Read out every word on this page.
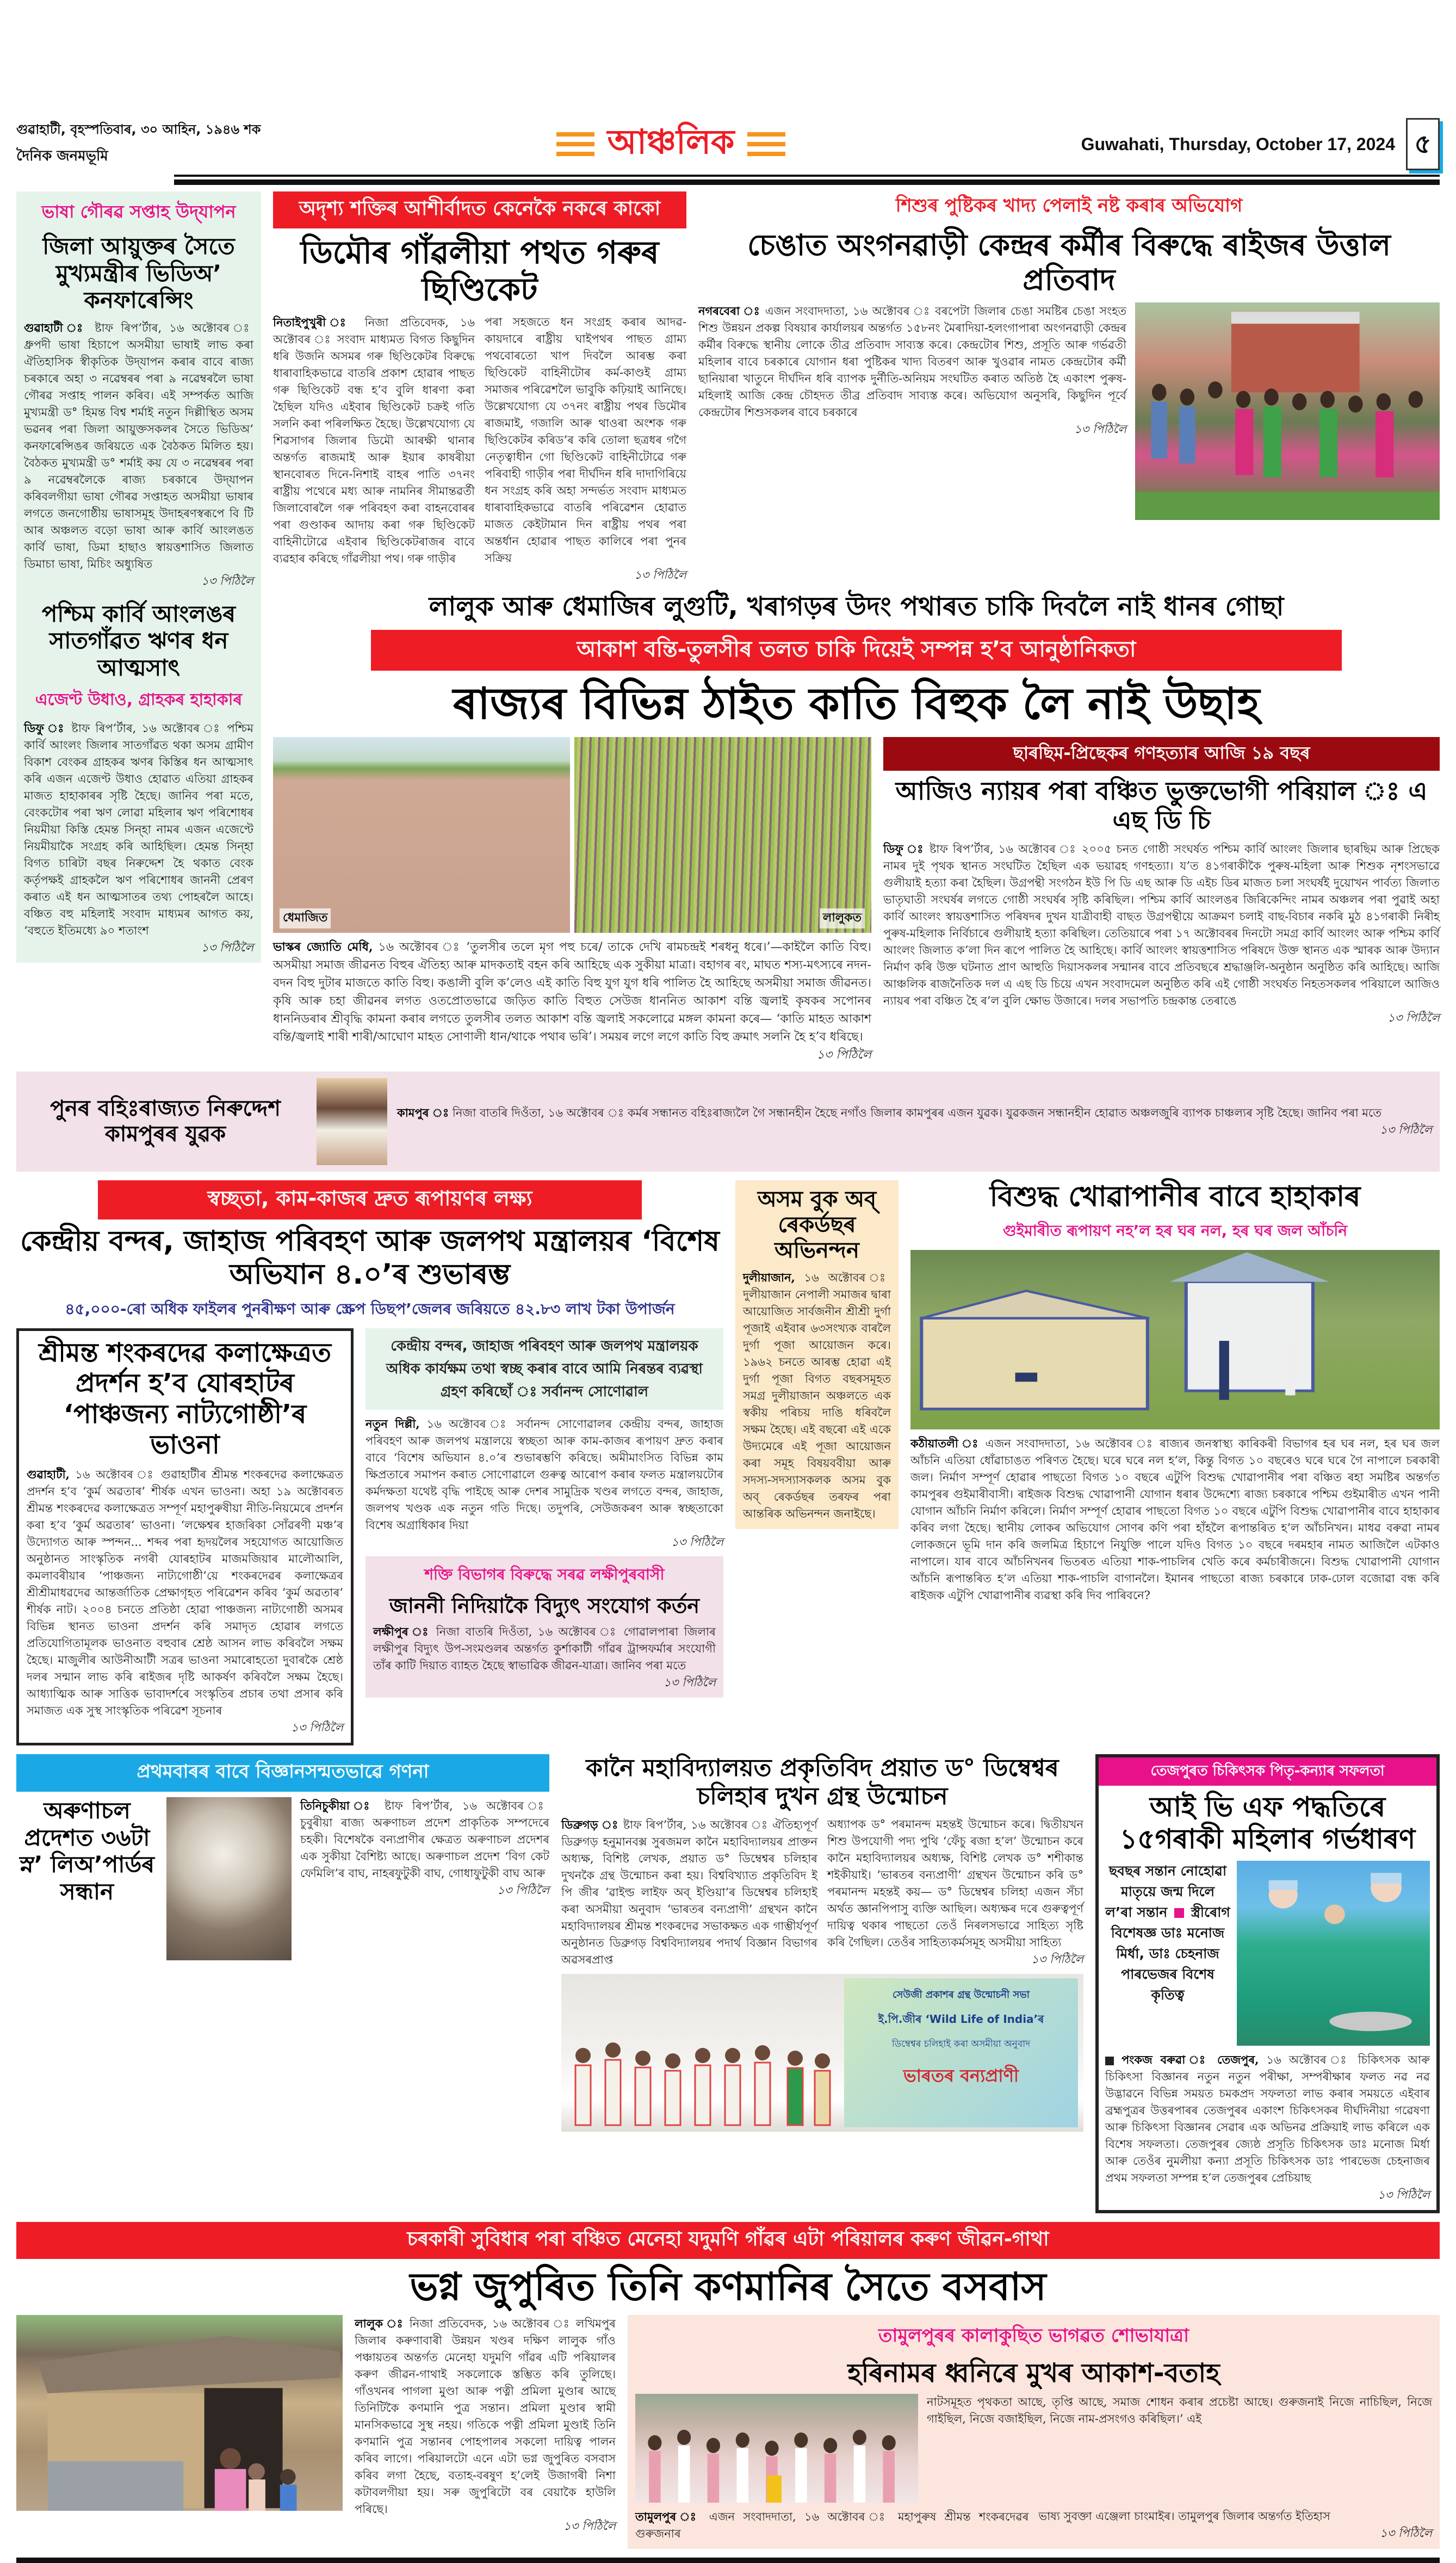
গুৱাহাটী, বৃহস্পতিবাৰ, ৩০ আহিন, ১৯৪৬ শক
দৈনিক জনমভূমি	আঞ্চলিক	Guwahati, Thursday, October 17, 2024 ৫
ভাষা গৌৰৱ সপ্তাহ উদ্‌যাপন
জিলা আয়ুক্তৰ সৈতে মুখ্যমন্ত্ৰীৰ ভিডিঅ’ কনফাৰেন্সিং
গুৱাহাটী ঃ ষ্টাফ ৰিপ’ৰ্টাৰ, ১৬ অক্টোবৰ ঃ ধ্ৰুপদী ভাষা হিচাপে অসমীয়া ভাষাই লাভ কৰা ঐতিহাসিক স্বীকৃতিক উদ্‌যাপন কৰাৰ বাবে ৰাজ্য চৰকাৰে অহা ৩ নৱেম্বৰৰ পৰা ৯ নৱেম্বৰলৈ ভাষা গৌৰৱ সপ্তাহ পালন কৰিব। এই সম্পৰ্কত আজি মুখ্যমন্ত্ৰী ড° হিমন্ত বিশ্ব শৰ্মাই নতুন দিল্লীস্থিত অসম ভৱনৰ পৰা জিলা আয়ুক্তসকলৰ সৈতে ভিডিঅ’ কনফাৰেন্সিঙৰ জৰিয়তে এক বৈঠকত মিলিত হয়। বৈঠকত মুখ্যমন্ত্ৰী ড° শৰ্মাই কয় যে ৩ নৱেম্বৰৰ পৰা ৯ নৱেম্বৰলৈকে ৰাজ্য চৰকাৰে উদ্‌যাপন কৰিবলগীয়া ভাষা গৌৰৱ সপ্তাহত অসমীয়া ভাষাৰ লগতে জনগোষ্ঠীয় ভাষাসমূহ উদাহৰণস্বৰূপে বি টি আৰ অঞ্চলত বড়ো ভাষা আৰু কাৰ্বি আংলঙত কাৰ্বি ভাষা, ডিমা হাছাও স্বায়ত্তশাসিত জিলাত ডিমাচা ভাষা, মিচিং অধ্যুষিত
১৩ পিঠিলৈ
পশ্চিম কাৰ্বি আংলঙৰ সাতগাঁৱত ঋণৰ ধন আত্মসাৎ
এজেণ্ট উধাও, গ্ৰাহকৰ হাহাকাৰ
ডিফু ঃ ষ্টাফ ৰিপ’ৰ্টাৰ, ১৬ অক্টোবৰ ঃ পশ্চিম কাৰ্বি আংলং জিলাৰ সাতগাঁৱত থকা অসম গ্ৰামীণ বিকাশ বেংকৰ গ্ৰাহকৰ ঋণৰ কিস্তিৰ ধন আত্মসাৎ কৰি এজন এজেণ্ট উধাও হোৱাত এতিয়া গ্ৰাহকৰ মাজত হাহাকাৰৰ সৃষ্টি হৈছে। জানিব পৰা মতে, বেংকটোৰ পৰা ঋণ লোৱা মহিলাৰ ঋণ পৰিশোধৰ নিয়মীয়া কিস্তি হেমন্ত সিন্‌হা নামৰ এজন এজেণ্টে নিয়মীয়াকৈ সংগ্ৰহ কৰি আহিছিল। হেমন্ত সিন্‌হা বিগত চাৰিটা বছৰ নিৰুদ্দেশ হৈ থকাত বেংক কৰ্তৃপক্ষই গ্ৰাহকলৈ ঋণ পৰিশোধৰ জাননী প্ৰেৰণ কৰাত এই ধন আত্মসাতৰ তথ্য পোহৰলৈ আহে। বঞ্চিত বহু মহিলাই সংবাদ মাধ্যমৰ আগত কয়, ‘বহুতে ইতিমধ্যে ৯০ শতাংশ
১৩ পিঠিলৈ
অদৃশ্য শক্তিৰ আশীৰ্বাদত কেনেকৈ নকৰে কাকো
ডিমৌৰ গাঁৱলীয়া পথত গৰুৰ ছিণ্ডিকেট
নিতাইপুখুৰী ঃ নিজা প্ৰতিবেদক, ১৬ অক্টোবৰ ঃ সংবাদ মাধ্যমত বিগত কিছুদিন ধৰি উজনি অসমৰ গৰু ছিণ্ডিকেটৰ বিৰুদ্ধে ধাৰাবাহিকভাৱে বাতৰি প্ৰকাশ হোৱাৰ পাছত গৰু ছিণ্ডিকেট বন্ধ হ’ব বুলি ধাৰণা কৰা হৈছিল যদিও এইবাৰ ছিণ্ডিকেট চক্ৰই গতি সলনি কৰা পৰিলক্ষিত হৈছে। উল্লেখযোগ্য যে শিৱসাগৰ জিলাৰ ডিমৌ আৰক্ষী থানাৰ অন্তৰ্গত ৰাজমাই আৰু ইয়াৰ কাষৰীয়া স্থানবোৰত দিনে-নিশাই বাহৰ পাতি ৩৭নং ৰাষ্ট্ৰীয় পথেৰে মধ্য আৰু নামনিৰ সীমান্তৱৰ্তী জিলাবোৰলৈ গৰু পৰিবহণ কৰা বাহনবোৰৰ পৰা গুণ্ডাকৰ আদায় কৰা গৰু ছিণ্ডিকেট বাহিনীটোৱে এইবাৰ ছিণ্ডিকেটৰাজৰ বাবে ব্যৱহাৰ কৰিছে গাঁৱলীয়া পথ। গৰু গাড়ীৰ
পৰা সহজতে ধন সংগ্ৰহ কৰাৰ আদৱ-কায়দাৰে ৰাষ্ট্ৰীয় ঘাইপথৰ পাছত গ্ৰাম্য পথবোৰতো খাপ দিবলৈ আৰম্ভ কৰা ছিণ্ডিকেট বাহিনীটোৰ কৰ্ম-কাণ্ডই গ্ৰাম্য সমাজৰ পৰিৱেশলৈ ভাবুকি কঢ়িয়াই আনিছে। উল্লেখযোগ্য যে ৩৭নং ৰাষ্ট্ৰীয় পথৰ ডিমৌৰ ৰাজমাই, গজালি আৰু থাওৰা অংশক গৰু ছিণ্ডিকেটৰ কৰিড’ৰ কৰি তোলা ছত্ৰধৰ গগৈ নেতৃত্বাধীন গো ছিণ্ডিকেট বাহিনীটোৱে গৰু পৰিবাহী গাড়ীৰ পৰা দীৰ্ঘদিন ধৰি দাদাগিৰিয়ে ধন সংগ্ৰহ কৰি অহা সন্দৰ্ভত সংবাদ মাধ্যমত ধাৰাবাহিকভাৱে বাতৰি পৰিৱেশন হোৱাত মাজত কেইটামান দিন ৰাষ্ট্ৰীয় পথৰ পৰা অন্তৰ্ধান হোৱাৰ পাছত কালিৰে পৰা পুনৰ সক্ৰিয়
১৩ পিঠিলৈ
শিশুৰ পুষ্টিকৰ খাদ্য পেলাই নষ্ট কৰাৰ অভিযোগ
চেঙাত অংগনৱাড়ী কেন্দ্ৰৰ কৰ্মীৰ বিৰুদ্ধে ৰাইজৰ উত্তাল প্ৰতিবাদ
নগৰবেৰা ঃ এজন সংবাদদাতা, ১৬ অক্টোবৰ ঃ বৰপেটা জিলাৰ চেঙা সমষ্টিৰ চেঙা সংহত শিশু উন্নয়ন প্ৰকল্প বিষয়াৰ কাৰ্যালয়ৰ অন্তৰ্গত ১৫৮নং মৈৰাদিয়া-হলংগাপাৰা অংগনৱাড়ী কেন্দ্ৰৰ কৰ্মীৰ বিৰুদ্ধে স্থানীয় লোকে তীব্ৰ প্ৰতিবাদ সাব্যস্ত কৰে। কেন্দ্ৰটোৰ শিশু, প্ৰসূতি আৰু গৰ্ভৱতী মহিলাৰ বাবে চৰকাৰে যোগান ধৰা পুষ্টিকৰ খাদ্য বিতৰণ আৰু খুওৱাৰ নামত কেন্দ্ৰটোৰ কৰ্মী ছানিয়াৰা খাতুনে দীৰ্ঘদিন ধৰি ব্যাপক দুৰ্নীতি-অনিয়ম সংঘটিত কৰাত অতিষ্ঠ হৈ একাংশ পুৰুষ-মহিলাই আজি কেন্দ্ৰ চৌহদত তীব্ৰ প্ৰতিবাদ সাব্যস্ত কৰে। অভিযোগ অনুসৰি, কিছুদিন পূৰ্বে কেন্দ্ৰটোৰ শিশুসকলৰ বাবে চৰকাৰে
১৩ পিঠিলৈ
লালুক আৰু ধেমাজিৰ লুগুটি, খৰাগড়ৰ উদং পথাৰত চাকি দিবলৈ নাই ধানৰ গোছা
আকাশ বন্তি-তুলসীৰ তলত চাকি দিয়েই সম্পন্ন হ’ব আনুষ্ঠানিকতা
ৰাজ্যৰ বিভিন্ন ঠাইত কাতি বিহুক লৈ নাই উছাহ
ধেমাজিত	লালুকত
ভাস্কৰ জ্যোতি মেধি, ১৬ অক্টোবৰ ঃ ‘তুলসীৰ তলে মৃগ পহু চৰে/ তাকে দেখি ৰামচন্দ্ৰই শৰধনু ধৰে।’—কাইলৈ কাতি বিহু। অসমীয়া সমাজ জীৱনত বিহুৰ ঐতিহ্য আৰু মাদকতাই বহন কৰি আহিছে এক সুকীয়া মাত্ৰা। বহাগৰ ৰং, মাঘত শস্য-মৎস্যৰে নদন-বদন বিহু দুটাৰ মাজতে কাতি বিহু। কঙালী বুলি ক’লেও এই কাতি বিহু যুগ যুগ ধৰি পালিত হৈ আহিছে অসমীয়া সমাজ জীৱনত। কৃষি আৰু চহা জীৱনৰ লগত ওতপ্ৰোতভাৱে জড়িত কাতি বিহুত সেউজ ধাননিত আকাশ বন্তি জ্বলাই কৃষকৰ সপোনৰ ধাননিডৰাৰ শ্ৰীবৃদ্ধি কামনা কৰাৰ লগতে তুলসীৰ তলত আকাশ বন্তি জ্বলাই সকলোৱে মঙ্গল কামনা কৰে— ‘কাতি মাহত আকাশ বন্তি/জ্বলাই শাৰী শাৰী/আঘোণ মাহত সোণালী ধান/থাকে পথাৰ ভৰি’। সময়ৰ লগে লগে কাতি বিহু ক্ৰমাৎ সলনি হৈ হ’ব ধৰিছে।
১৩ পিঠিলৈ
ছাৰছিম-প্ৰিছেকৰ গণহত্যাৰ আজি ১৯ বছৰ
আজিও ন্যায়ৰ পৰা বঞ্চিত ভুক্তভোগী পৰিয়াল ঃ এ এছ ডি চি
ডিফু ঃ ষ্টাফ ৰিপ’ৰ্টাৰ, ১৬ অক্টোবৰ ঃ ২০০৫ চনত গোষ্ঠী সংঘৰ্ষত পশ্চিম কাৰ্বি আংলং জিলাৰ ছাৰছিম আৰু প্ৰিছেক নামৰ দুই পৃথক স্থানত সংঘটিত হৈছিল এক ভয়াৱহ গণহত্যা। য’ত ৪১গৰাকীকৈ পুৰুষ-মহিলা আৰু শিশুক নৃশংসভাৱে গুলীয়াই হত্যা কৰা হৈছিল। উগ্ৰপন্থী সংগঠন ইউ পি ডি এছ আৰু ডি এইচ ডিৰ মাজত চলা সংঘৰ্ষই দুয়োখন পাৰ্বত্য জিলাত ভাতৃঘাতী সংঘৰ্ষৰ লগতে গোষ্ঠী সংঘৰ্ষৰ সৃষ্টি কৰিছিল। পশ্চিম কাৰ্বি আংলঙৰ জিৰিকেন্দিং নামৰ অঞ্চলৰ পৰা পুৱাই অহা কাৰ্বি আংলং স্বায়ত্তশাসিত পৰিষদৰ দুখন যাত্ৰীবাহী বাছত উগ্ৰপন্থীয়ে আক্ৰমণ চলাই বাছ-বিচাৰ নকৰি মুঠ ৪১গৰাকী নিৰীহ পুৰুষ-মহিলাক নিৰ্বিচাৰে গুলীয়াই হত্যা কৰিছিল। তেতিয়াৰে পৰা ১৭ অক্টোবৰৰ দিনটো সমগ্ৰ কাৰ্বি আংলং আৰু পশ্চিম কাৰ্বি আংলং জিলাত ক’লা দিন ৰূপে পালিত হৈ আহিছে। কাৰ্বি আংলং স্বায়ত্তশাসিত পৰিষদে উক্ত স্থানত এক স্মাৰক আৰু উদ্যান নিৰ্মাণ কৰি উক্ত ঘটনাত প্ৰাণ আহুতি দিয়াসকলৰ সন্মানৰ বাবে প্ৰতিবছৰে শ্ৰদ্ধাঞ্জলি-অনুষ্ঠান অনুষ্ঠিত কৰি আহিছে। আজি আঞ্চলিক ৰাজনৈতিক দল এ এছ ডি চিয়ে এখন সংবাদমেল অনুষ্ঠিত কৰি এই গোষ্ঠী সংঘৰ্ষত নিহতসকলৰ পৰিয়ালে আজিও ন্যায়ৰ পৰা বঞ্চিত হৈ ৰ’ল বুলি ক্ষোভ উজাৰে। দলৰ সভাপতি চন্দ্ৰকান্ত তেৰাঙে
১৩ পিঠিলৈ
পুনৰ বহিঃৰাজ্যত নিৰুদ্দেশ কামপুৰৰ যুৱক
কামপুৰ ঃ নিজা বাতৰি দিওঁতা, ১৬ অক্টোবৰ ঃ কৰ্মৰ সন্ধানত বহিঃৰাজ্যলৈ গৈ সন্ধানহীন হৈছে নগাঁও জিলাৰ কামপুৰৰ এজন যুৱক। যুৱকজন সন্ধানহীন হোৱাত অঞ্চলজুৰি ব্যাপক চাঞ্চল্যৰ সৃষ্টি হৈছে। জানিব পৰা মতে
১৩ পিঠিলৈ
স্বচ্ছতা, কাম-কাজৰ দ্ৰুত ৰূপায়ণৰ লক্ষ্য
কেন্দ্ৰীয় বন্দৰ, জাহাজ পৰিবহণ আৰু জলপথ মন্ত্ৰালয়ৰ ‘বিশেষ অভিযান ৪.০’ৰ শুভাৰম্ভ
৪৫,০০০-ৰো অধিক ফাইলৰ পুনৰীক্ষণ আৰু স্ক্ৰেপ ডিছপ’জেলৰ জৰিয়তে ৪২.৮৩ লাখ টকা উপাৰ্জন
শ্ৰীমন্ত শংকৰদেৱ কলাক্ষেত্ৰত প্ৰদৰ্শন হ’ব যোৰহাটৰ ‘পাঞ্চজন্য নাট্যগোষ্ঠী’ৰ ভাওনা
গুৱাহাটী, ১৬ অক্টোবৰ ঃ গুৱাহাটীৰ শ্ৰীমন্ত শংকৰদেৱ কলাক্ষেত্ৰত প্ৰদৰ্শন হ’ব ‘কুৰ্ম অৱতাৰ’ শীৰ্ষক এখন ভাওনা। অহা ১৯ অক্টোবৰত শ্ৰীমন্ত শংকৰদেৱ কলাক্ষেত্ৰত সম্পূৰ্ণ মহাপুৰুষীয়া নীতি-নিয়মেৰে প্ৰদৰ্শন কৰা হ’ব ‘কুৰ্ম অৱতাৰ’ ভাওনা। ‘লক্ষেশ্বৰ হাজৰিকা সোঁৱৰণী মঞ্চ’ৰ উদ্যোগত আৰু স্পন্দন... শব্দৰ পৰা হৃদয়লৈৰ সহযোগত আয়োজিত অনুষ্ঠানত সাংস্কৃতিক নগৰী যোৰহাটৰ মাজমজিয়াৰ মালৌআলি, কমলাবৰীয়াৰ ‘পাঞ্চজন্য নাট্যগোষ্ঠী’য়ে শংকৰদেৱৰ কলাক্ষেত্ৰৰ শ্ৰীশ্ৰীমাধৱদেৱ আন্তৰ্জাতিক প্ৰেক্ষাগৃহত পৰিৱেশন কৰিব ‘কুৰ্ম অৱতাৰ’ শীৰ্ষক নাট। ২০০৪ চনতে প্ৰতিষ্ঠা হোৱা পাঞ্চজন্য নাট্যগোষ্ঠী অসমৰ বিভিন্ন স্থানত ভাওনা প্ৰদৰ্শন কৰি সমাদৃত হোৱাৰ লগতে প্ৰতিযোগিতামূলক ভাওনাত বহুবাৰ শ্ৰেষ্ঠ আসন লাভ কৰিবলৈ সক্ষম হৈছে। মাজুলীৰ আউনীআটী সত্ৰৰ ভাওনা সমাৰোহতো দুবাৰকৈ শ্ৰেষ্ঠ দলৰ সন্মান লাভ কৰি ৰাইজৰ দৃষ্টি আকৰ্ষণ কৰিবলৈ সক্ষম হৈছে। আধ্যাত্মিক আৰু সাত্তিক ভাবাদৰ্শৰে সংস্কৃতিৰ প্ৰচাৰ তথা প্ৰসাৰ কৰি সমাজত এক সুস্থ সাংস্কৃতিক পৰিৱেশ সূচনাৰ
১৩ পিঠিলৈ
কেন্দ্ৰীয় বন্দৰ, জাহাজ পৰিবহণ আৰু জলপথ মন্ত্ৰালয়ক অধিক কাৰ্যক্ষম তথা স্বচ্ছ কৰাৰ বাবে আমি নিৰন্তৰ ব্যৱস্থা গ্ৰহণ কৰিছোঁ ঃ সৰ্বানন্দ সোণোৱাল
নতুন দিল্লী, ১৬ অক্টোবৰ ঃ সৰ্বানন্দ সোণোৱালৰ কেন্দ্ৰীয় বন্দৰ, জাহাজ পৰিবহণ আৰু জলপথ মন্ত্ৰালয়ে স্বচ্ছতা আৰু কাম-কাজৰ ৰূপায়ণ দ্ৰুত কৰাৰ বাবে ‘বিশেষ অভিযান ৪.০’ৰ শুভাৰম্ভণি কৰিছে। অমীমাংসিত বিভিন্ন কাম ক্ষিপ্ৰতাৰে সমাপন কৰাত সোণোৱালে গুৰুত্ব আৰোপ কৰাৰ ফলত মন্ত্ৰালয়টোৰ কৰ্মদক্ষতা যথেষ্ট বৃদ্ধি পাইছে আৰু দেশৰ সামুদ্ৰিক খণ্ডৰ লগতে বন্দৰ, জাহাজ, জলপথ খণ্ডক এক নতুন গতি দিছে। তদুপৰি, সেউজকৰণ আৰু স্বচ্ছতাকো বিশেষ অগ্ৰাধিকাৰ দিয়া
১৩ পিঠিলৈ
শক্তি বিভাগৰ বিৰুদ্ধে সৰৱ লক্ষীপুৰবাসী
জাননী নিদিয়াকৈ বিদ্যুৎ সংযোগ কৰ্তন
লক্ষীপুৰ ঃ নিজা বাতৰি দিওঁতা, ১৬ অক্টোবৰ ঃ গোৱালপাৰা জিলাৰ লক্ষীপুৰ বিদ্যুৎ উপ-সংমণ্ডলৰ অন্তৰ্গত কুৰ্শাকাটী গাঁৱৰ ট্ৰান্সফৰ্মাৰ সংযোগী তাঁৰ কাটি দিয়াত ব্যাহত হৈছে স্বাভাৱিক জীৱন-যাত্ৰা। জানিব পৰা মতে
১৩ পিঠিলৈ
অসম বুক অব্‌ ৰেকৰ্ডছৰ অভিনন্দন
দুলীয়াজান, ১৬ অক্টোবৰ ঃ দুলীয়াজান নেপালী সমাজৰ দ্বাৰা আয়োজিত সাৰ্বজনীন শ্ৰীশ্ৰী দুৰ্গা পূজাই এইবাৰ ৬৩সংখ্যক বাৰলৈ দুৰ্গা পূজা আয়োজন কৰে। ১৯৬২ চনতে আৰম্ভ হোৱা এই দুৰ্গা পূজা বিগত বছৰসমূহত সমগ্ৰ দুলীয়াজান অঞ্চলতে এক স্বকীয় পৰিচয় দাঙি ধৰিবলৈ সক্ষম হৈছে। এই বছৰো এই একে উদ্যমেৰে এই পূজা আয়োজন কৰা সমূহ বিষয়ববীয়া আৰু সদস্য-সদস্যাসকলক অসম বুক অব্‌ ৰেকৰ্ডছৰ তৰফৰ পৰা আন্তৰিক অভিনন্দন জনাইছে।
বিশুদ্ধ খোৱাপানীৰ বাবে হাহাকাৰ
গুইমাৰীত ৰূপায়ণ নহ’ল হৰ ঘৰ নল, হৰ ঘৰ জল আঁচনি
কঠীয়াতলী ঃ এজন সংবাদদাতা, ১৬ অক্টোবৰ ঃ ৰাজ্যৰ জনস্বাস্থ্য কাৰিকৰী বিভাগৰ হৰ ঘৰ নল, হৰ ঘৰ জল আঁচনি এতিয়া ধোঁৱাচাঙত পৰিণত হৈছে। ঘৰে ঘৰে নল হ’ল, কিন্তু বিগত ১০ বছৰেও ঘৰে ঘৰে গৈ নাপালে চৰকাৰী জল। নিৰ্মাণ সম্পূৰ্ণ হোৱাৰ পাছতো বিগত ১০ বছৰে এটুপি বিশুদ্ধ খোৱাপানীৰ পৰা বঞ্চিত ৰহা সমষ্টিৰ অন্তৰ্গত কামপুৰৰ গুইমাৰীবাসী। ৰাইজক বিশুদ্ধ খোৱাপানী যোগান ধৰাৰ উদ্দেশ্যে ৰাজ্য চৰকাৰে পশ্চিম গুইমাৰীত এখন পানী যোগান আঁচনি নিৰ্মাণ কৰিলে। নিৰ্মাণ সম্পূৰ্ণ হোৱাৰ পাছতো বিগত ১০ বছৰে এটুপি বিশুদ্ধ খোৱাপানীৰ বাবে হাহাকাৰ কৰিব লগা হৈছে। স্থানীয় লোকৰ অভিযোগ সোণৰ কণি পৰা হাঁহলৈ ৰূপান্তৰিত হ’ল আঁচনিখন। মাধৱ বৰুৱা নামৰ লোকজনে ভূমি দান কৰি জলমিত্ৰ হিচাপে নিযুক্তি পালে যদিও বিগত ১০ বছৰে দৰমহাৰ নামত আজিলৈ এটকাও নাপালে। যাৰ বাবে আঁচনিখনৰ ভিতৰত এতিয়া শাক-পাচলিৰ খেতি কৰে কৰ্মচাৰীজনে। বিশুদ্ধ খোৱাপানী যোগান আঁচনি ৰূপান্তৰিত হ’ল এতিয়া শাক-পাচলি বাগানলৈ। ইমানৰ পাছতো ৰাজ্য চৰকাৰে ঢাক-ঢোল বজোৱা বন্ধ কৰি ৰাইজক এটুপি খোৱাপানীৰ ব্যৱস্থা কৰি দিব পাৰিবনে?
প্ৰথমবাৰৰ বাবে বিজ্ঞানসন্মতভাৱে গণনা
অৰুণাচল প্ৰদেশত ৩৬টা স্ন’ লিঅ’পাৰ্ডৰ সন্ধান
তিনিচুকীয়া ঃ ষ্টাফ ৰিপ’ৰ্টাৰ, ১৬ অক্টোবৰ ঃ চুবুৰীয়া ৰাজ্য অৰুণাচল প্ৰদেশ প্ৰাকৃতিক সম্পদেৰে চহকী। বিশেষকৈ বন্যপ্ৰাণীৰ ক্ষেত্ৰত অৰুণাচল প্ৰদেশৰ এক সুকীয়া বৈশিষ্ট্য আছে। অৰুণাচল প্ৰদেশ ‘বিগ কেট ফেমিলি’ৰ বাঘ, নাহৰফুটুকী বাঘ, গোধাফুটুকী বাঘ আৰু
১৩ পিঠিলৈ
কানৈ মহাবিদ্যালয়ত প্ৰকৃতিবিদ প্ৰয়াত ড° ডিম্বেশ্বৰ চলিহাৰ দুখন গ্ৰন্থ উন্মোচন
ডিব্ৰুগড় ঃ ষ্টাফ ৰিপ’ৰ্টাৰ, ১৬ অক্টোবৰ ঃ ঐতিহ্যপূৰ্ণ ডিব্ৰুগড় হনুমানবক্স সুৰজমল কানৈ মহাবিদ্যালয়ৰ প্ৰাক্তন অধ্যক্ষ, বিশিষ্ট লেখক, প্ৰয়াত ড° ডিম্বেশ্বৰ চলিহাৰ দুখনকৈ গ্ৰন্থ উন্মোচন কৰা হয়। বিশ্ববিখ্যাত প্ৰকৃতিবিদ ই পি জীৰ ‘ৱাইল্ড লাইফ অব্‌ ইণ্ডিয়া’ৰ ডিম্বেশ্বৰ চলিহাই কৰা অসমীয়া অনুবাদ ‘ভাৰতৰ বন্যপ্ৰাণী’ গ্ৰন্থখন কানৈ মহাবিদ্যালয়ৰ শ্ৰীমন্ত শংকৰদেৱ সভাকক্ষত এক গাম্ভীৰ্যপূৰ্ণ অনুষ্ঠানত ডিব্ৰুগড় বিশ্ববিদ্যালয়ৰ পদাৰ্থ বিজ্ঞান বিভাগৰ অৱসৰপ্ৰাপ্ত
অধ্যাপক ড° পৰমানন্দ মহন্তই উন্মোচন কৰে। দ্বিতীয়খন শিশু উপযোগী পদ্য পুথি ‘ফেঁচু ৰজা হ’ল’ উন্মোচন কৰে কানৈ মহাবিদ্যালয়ৰ অধ্যক্ষ, বিশিষ্ট লেখক ড° শশীকান্ত শইকীয়াই। ‘ভাৰতৰ বন্যপ্ৰাণী’ গ্ৰন্থখন উন্মোচন কৰি ড° পৰমানন্দ মহন্তই কয়— ড° ডিম্বেশ্বৰ চলিহা এজন সঁচা অৰ্থত জ্ঞানপিপাসু ব্যক্তি আছিল। অধ্যক্ষৰ দৰে গুৰুত্বপূৰ্ণ দায়িত্ব থকাৰ পাছতো তেওঁ নিৰলসভাৱে সাহিত্য সৃষ্টি কৰি গৈছিল। তেওঁৰ সাহিত্যকৰ্মসমূহ অসমীয়া সাহিত্য
১৩ পিঠিলৈ
সেউজী প্ৰকাশৰ গ্ৰন্থ উন্মোচনী সভা
ই.পি.জীৰ ‘Wild Life of India’ৰ
ডিম্বেশ্বৰ চলিহাই কৰা অসমীয়া অনুবাদ
ভাৰতৰ বন্যপ্ৰাণী
তেজপুৰত চিকিৎসক পিতৃ-কন্যাৰ সফলতা
আই ভি এফ পদ্ধতিৰে ১৫গৰাকী মহিলাৰ গৰ্ভধাৰণ
ছবছৰ সন্তান নোহোৱা মাতৃয়ে জন্ম দিলে ল’ৰা সন্তান স্ত্ৰীৰোগ বিশেষজ্ঞ ডাঃ মনোজ মিৰ্ধা, ডাঃ চেহনাজ পাৰভেজৰ বিশেষ কৃতিত্ব
পংকজ বৰুৱা ঃ তেজপুৰ, ১৬ অক্টোবৰ ঃ চিকিৎসক আৰু চিকিৎসা বিজ্ঞানৰ নতুন নতুন পৰীক্ষা, সম্পৰীক্ষাৰ ফলত নৱ নৱ উদ্ভাৱনে বিভিন্ন সময়ত চমকপ্ৰদ সফলতা লাভ কৰাৰ সময়তে এইবাৰ ব্ৰহ্মপুত্ৰৰ উত্তৰপাৰৰ তেজপুৰৰ একাংশ চিকিৎসকৰ দীৰ্ঘদিনীয়া গৱেষণা আৰু চিকিৎসা বিজ্ঞানৰ সেৱাৰ এক অভিনৱ প্ৰক্ৰিয়াই লাভ কৰিলে এক বিশেষ সফলতা। তেজপুৰৰ জ্যেষ্ঠ প্ৰসূতি চিকিৎসক ডাঃ মনোজ মিৰ্ধা আৰু তেওঁৰ নুমলীয়া কন্যা প্ৰসূতি চিকিৎসক ডাঃ পাৰভেজ চেহনাজৰ প্ৰথম সফলতা সম্পন্ন হ’ল তেজপুৰৰ প্ৰেচিয়াছ
১৩ পিঠিলৈ
চৰকাৰী সুবিধাৰ পৰা বঞ্চিত মেনেহা যদুমণি গাঁৱৰ এটা পৰিয়ালৰ কৰুণ জীৱন-গাথা
ভগ্ন জুপুৰিত তিনি কণমানিৰ সৈতে বসবাস
লালুক ঃ নিজা প্ৰতিবেদক, ১৬ অক্টোবৰ ঃ লখিমপুৰ জিলাৰ কৰুণাবাৰী উন্নয়ন খণ্ডৰ দক্ষিণ লালুক গাঁও পঞ্চায়তৰ অন্তৰ্গত মেনেহা যদুমণি গাঁৱৰ এটি পৰিয়ালৰ কৰুণ জীৱন-গাথাই সকলোকে স্তম্ভিত কৰি তুলিছে। গাঁওখনৰ পাগলা মুণ্ডা আৰু পত্নী প্ৰমিলা মুণ্ডাৰ আছে তিনিটিকৈ কণমানি পুত্ৰ সন্তান। প্ৰমিলা মুণ্ডাৰ স্বামী মানসিকভাৱে সুস্থ নহয়। গতিকে পত্নী প্ৰমিলা মুণ্ডাই তিনি কণমানি পুত্ৰ সন্তানৰ পোহপালৰ সকলো দায়িত্ব পালন কৰিব লাগে। পৰিয়ালটো এনে এটা ভগ্ন জুপুৰিত বসবাস কৰিব লগা হৈছে, বতাহ-বৰষুণ হ’লেই উজাগৰী নিশা কটাবলগীয়া হয়। সৰু জুপুৰিটো বৰ বেয়াকৈ হাউলি পৰিছে।
১৩ পিঠিলৈ
তামুলপুৰৰ কালাকুছিত ভাগৱত শোভাযাত্ৰা
হৰিনামৰ ধ্বনিৰে মুখৰ আকাশ-বতাহ
নাটসমূহত পৃথকতা আছে, তৃপ্তি আছে, সমাজ শোধন কৰাৰ প্ৰচেষ্টা আছে। গুৰুজনাই নিজে নাচিছিল, নিজে গাইছিল, নিজে বজাইছিল, নিজে নাম-প্ৰসংগও কৰিছিল।’ এই
তামুলপুৰ ঃ এজন সংবাদদাতা, ১৬ অক্টোবৰ ঃ মহাপুৰুষ শ্ৰীমন্ত শংকৰদেৱৰ গুৰুজনাৰ
ভাষ্য সুবক্তা এঞ্জেলা চাংমাইৰ। তামুলপুৰ জিলাৰ অন্তৰ্গত ইতিহাস
১৩ পিঠিলৈ
